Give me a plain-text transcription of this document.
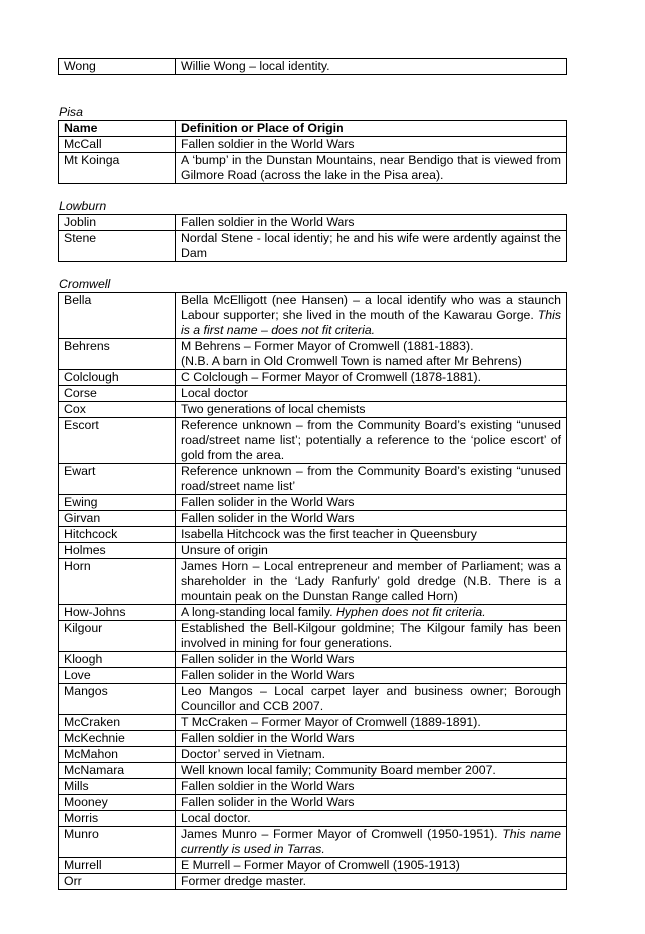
Wong	Willie Wong – local identity.

Pisa

Name	Definition or Place of Origin
McCall	Fallen soldier in the World Wars
Mt Koinga	A ‘bump’ in the Dunstan Mountains, near Bendigo that is viewed from Gilmore Road (across the lake in the Pisa area).

Lowburn

Joblin	Fallen soldier in the World Wars
Stene	Nordal Stene - local identiy; he and his wife were ardently against the Dam

Cromwell

Bella	Bella McElligott (nee Hansen) – a local identify who was a staunch Labour supporter; she lived in the mouth of the Kawarau Gorge. This is a first name – does not fit criteria.
Behrens	M Behrens – Former Mayor of Cromwell (1881-1883).
(N.B. A barn in Old Cromwell Town is named after Mr Behrens)

Colclough	C Colclough – Former Mayor of Cromwell (1878-1881).
Corse	Local doctor
Cox	Two generations of local chemists
Escort	Reference unknown – from the Community Board’s existing “unused road/street name list’; potentially a reference to the ‘police escort’ of gold from the area.
Ewart	Reference unknown – from the Community Board’s existing “unused road/street name list’
Ewing	Fallen solider in the World Wars
Girvan	Fallen solider in the World Wars
Hitchcock	Isabella Hitchcock was the first teacher in Queensbury
Holmes	Unsure of origin
Horn	James Horn – Local entrepreneur and member of Parliament; was a shareholder in the ‘Lady Ranfurly’ gold dredge (N.B. There is a mountain peak on the Dunstan Range called Horn)
How-Johns	A long-standing local family. Hyphen does not fit criteria.
Kilgour	Established the Bell-Kilgour goldmine; The Kilgour family has been involved in mining for four generations.
Kloogh	Fallen solider in the World Wars
Love	Fallen solider in the World Wars
Mangos	Leo Mangos – Local carpet layer and business owner; Borough Councillor and CCB 2007.
McCraken	T McCraken – Former Mayor of Cromwell (1889-1891).
McKechnie	Fallen soldier in the World Wars
McMahon	Doctor’ served in Vietnam.
McNamara	Well known local family; Community Board member 2007.
Mills	Fallen soldier in the World Wars
Mooney	Fallen solider in the World Wars
Morris	Local doctor.
Munro	James Munro – Former Mayor of Cromwell (1950-1951). This name currently is used in Tarras.
Murrell	E Murrell – Former Mayor of Cromwell (1905-1913)
Orr	Former dredge master.
